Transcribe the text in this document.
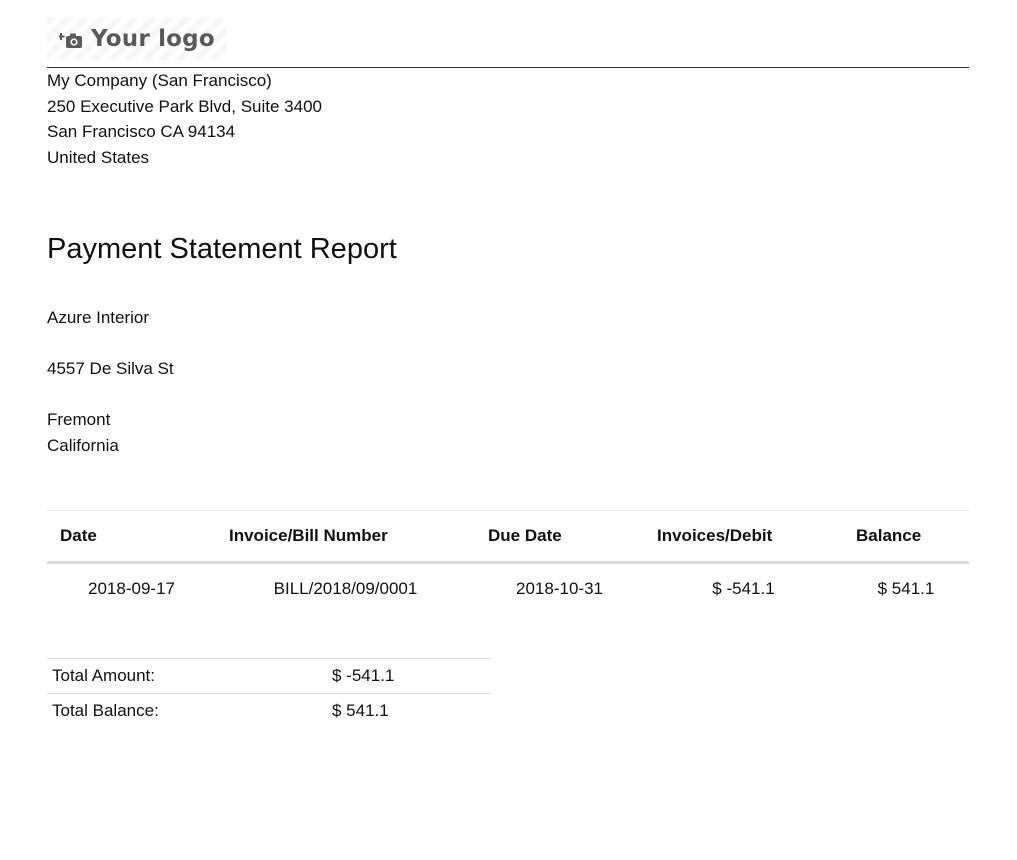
Your logo
My Company (San Francisco)
250 Executive Park Blvd, Suite 3400
San Francisco CA 94134
United States
Payment Statement Report
Azure Interior
4557 De Silva St
Fremont
California
Date	Invoice/Bill Number	Due Date	Invoices/Debit	Balance
2018-09-17	BILL/2018/09/0001	2018-10-31	$ -541.1	$ 541.1
Total Amount:	$ -541.1
Total Balance:	$ 541.1
